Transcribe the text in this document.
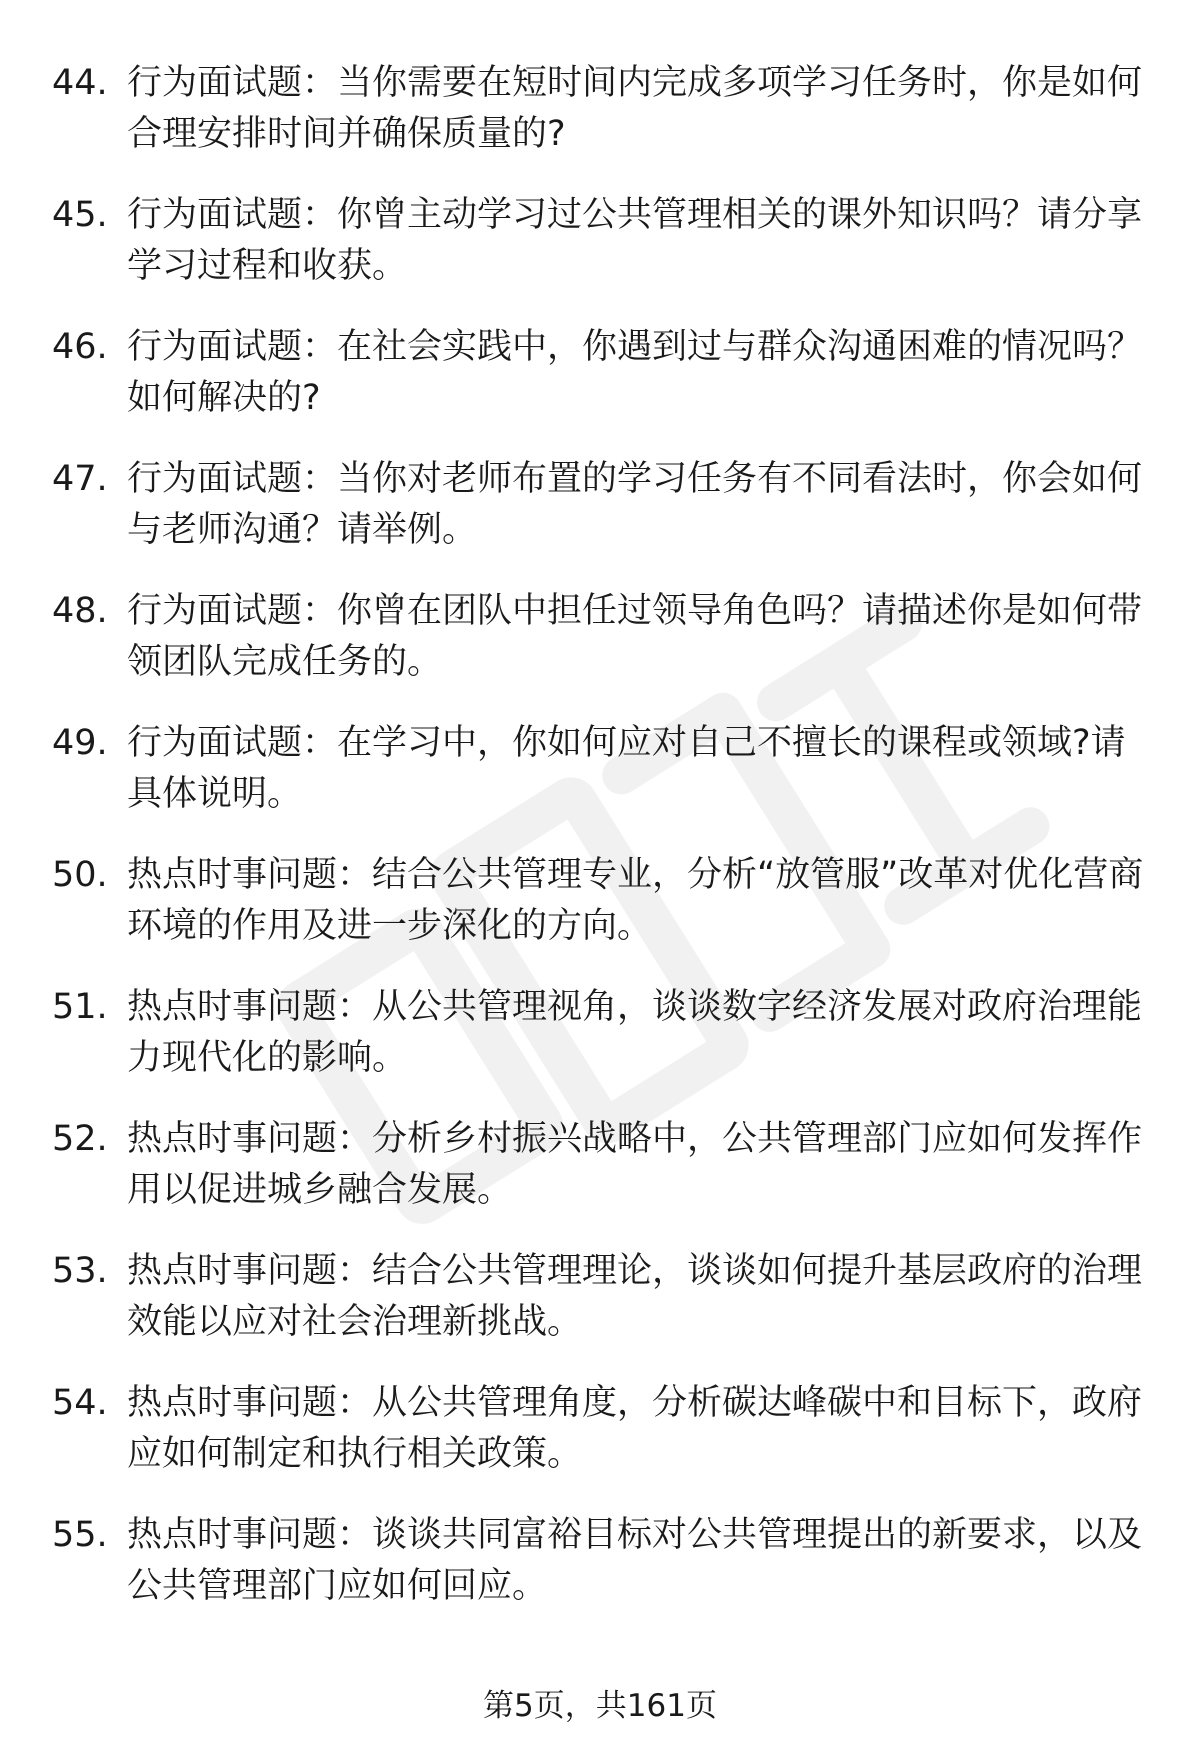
44. 行为面试题：当你需要在短时间内完成多项学习任务时，你是如何合理安排时间并确保质量的?
45. 行为面试题：你曾主动学习过公共管理相关的课外知识吗？请分享学习过程和收获。
46. 行为面试题：在社会实践中，你遇到过与群众沟通困难的情况吗？如何解决的?
47. 行为面试题：当你对老师布置的学习任务有不同看法时，你会如何与老师沟通？请举例。
48. 行为面试题：你曾在团队中担任过领导角色吗？请描述你是如何带领团队完成任务的。
49. 行为面试题：在学习中，你如何应对自己不擅长的课程或领域?请具体说明。
50. 热点时事问题：结合公共管理专业，分析“放管服”改革对优化营商环境的作用及进一步深化的方向。
51. 热点时事问题：从公共管理视角，谈谈数字经济发展对政府治理能力现代化的影响。
52. 热点时事问题：分析乡村振兴战略中，公共管理部门应如何发挥作用以促进城乡融合发展。
53. 热点时事问题：结合公共管理理论，谈谈如何提升基层政府的治理效能以应对社会治理新挑战。
54. 热点时事问题：从公共管理角度，分析碳达峰碳中和目标下，政府应如何制定和执行相关政策。
55. 热点时事问题：谈谈共同富裕目标对公共管理提出的新要求，以及公共管理部门应如何回应。
第5页，共161页
